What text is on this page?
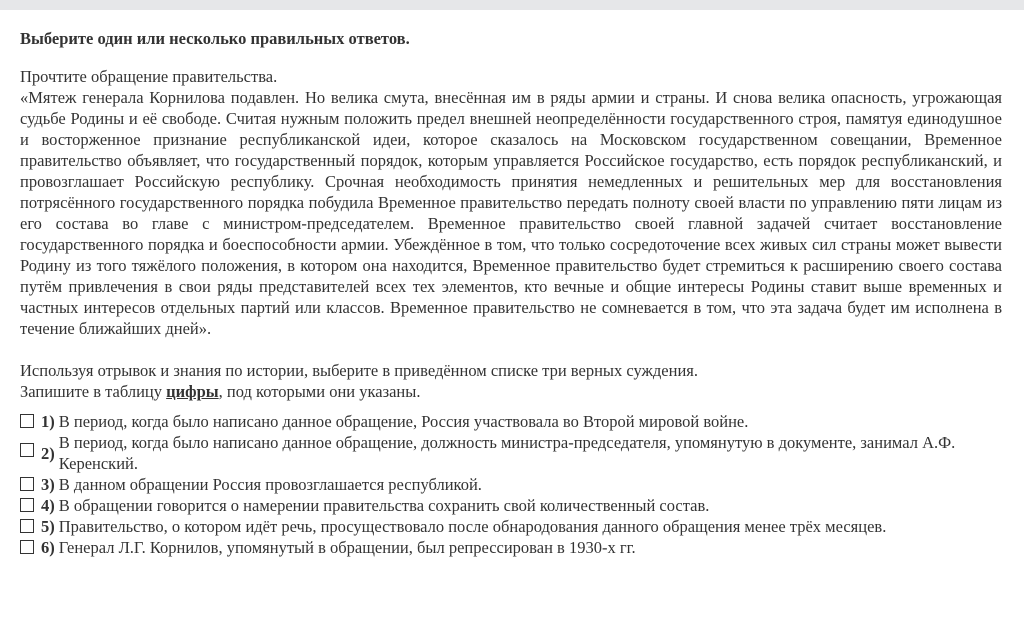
Выберите один или несколько правильных ответов.
Прочтите обращение правительства.

«Мятеж генерала Корнилова подавлен. Но велика смута, внесённая им в ряды армии и страны. И снова велика опасность, угрожающая судьбе Родины и её свободе. Считая нужным положить предел внешней неопределённости государственного строя, памятуя единодушное и восторженное признание республиканской идеи, которое сказалось на Московском государственном совещании, Временное правительство объявляет, что государственный порядок, которым управляется Российское государство, есть порядок республиканский, и провозглашает Российскую республику. Срочная необходимость принятия немедленных и решительных мер для восстановления потрясённого государственного порядка побудила Временное правительство передать полноту своей власти по управлению пяти лицам из его состава во главе с министром-председателем. Временное правительство своей главной задачей считает восстановление государственного порядка и боеспособности армии. Убеждённое в том, что только сосредоточение всех живых сил страны может вывести Родину из того тяжёлого положения, в котором она находится, Временное правительство будет стремиться к расширению своего состава путём привлечения в свои ряды представителей всех тех элементов, кто вечные и общие интересы Родины ставит выше временных и частных интересов отдельных партий или классов. Временное правительство не сомневается в том, что эта задача будет им исполнена в течение ближайших дней».

Используя отрывок и знания по истории, выберите в приведённом списке три верных суждения.
Запишите в таблицу цифры, под которыми они указаны.
1) В период, когда было написано данное обращение, Россия участвовала во Второй мировой войне.
2)
В период, когда было написано данное обращение, должность министра-председателя, упомянутую в документе, занимал А.Ф. Керенский.
3) В данном обращении Россия провозглашается республикой.
4) В обращении говорится о намерении правительства сохранить свой количественный состав.
5) Правительство, о котором идёт речь, просуществовало после обнародования данного обращения менее трёх месяцев.
6) Генерал Л.Г. Корнилов, упомянутый в обращении, был репрессирован в 1930-х гг.
